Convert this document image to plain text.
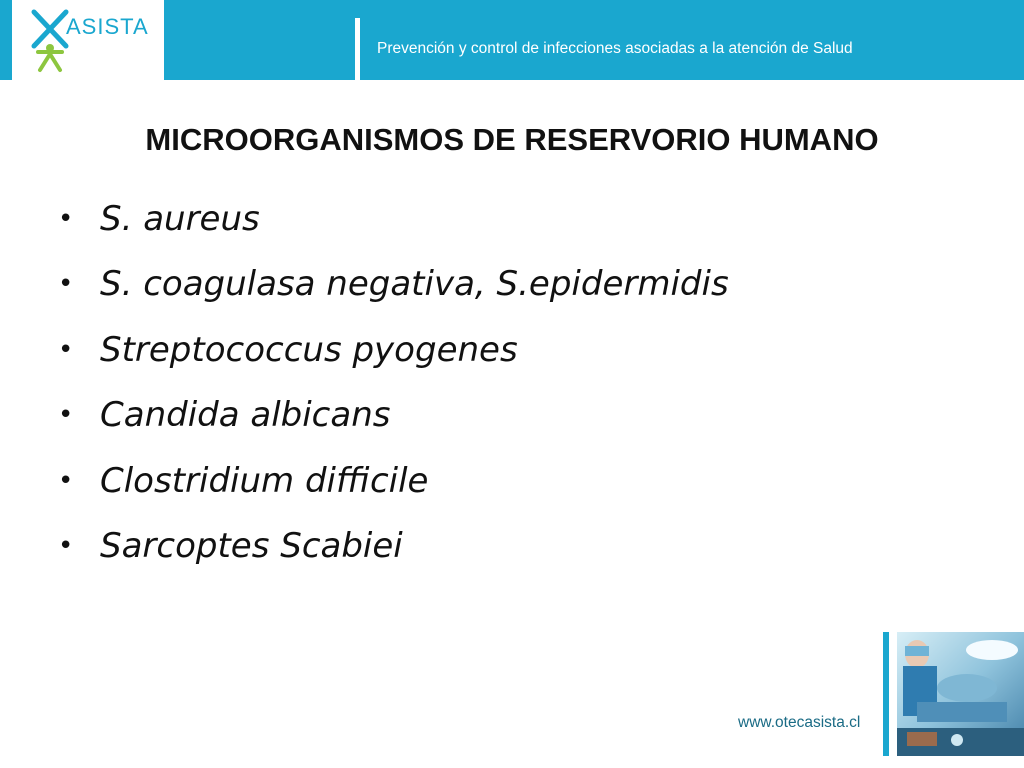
ASISTA
Prevención y control de infecciones asociadas a la atención de Salud
MICROORGANISMOS DE RESERVORIO HUMANO
• S. aureus
• S. coagulasa negativa, S.epidermidis
• Streptococcus pyogenes
• Candida albicans
• Clostridium difficile
• Sarcoptes Scabiei
www.otecasista.cl
